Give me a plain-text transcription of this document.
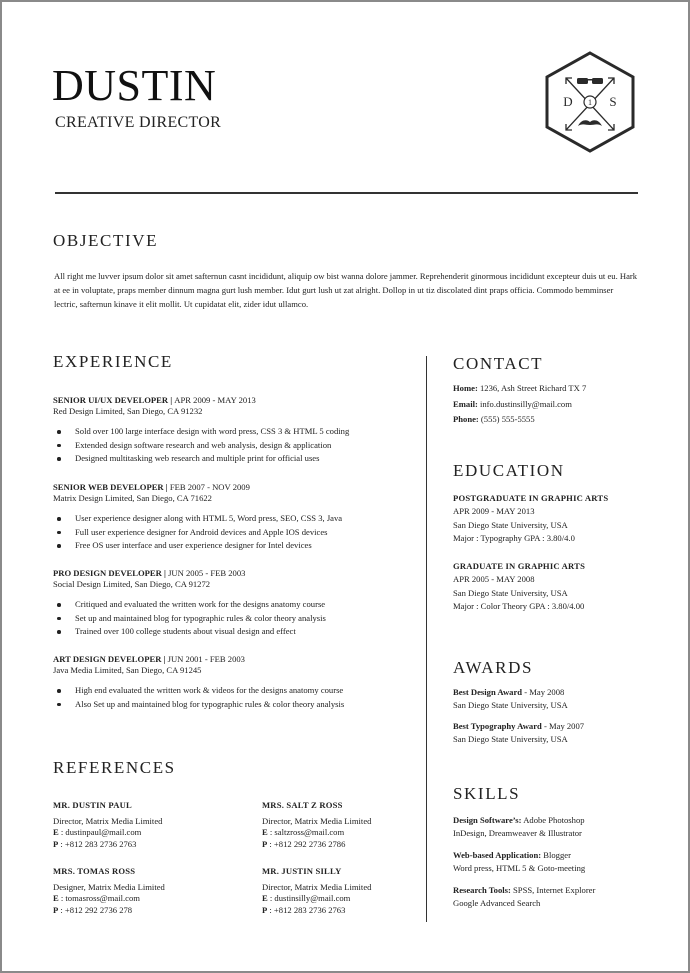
DUSTIN
CREATIVE DIRECTOR
1
D	S
OBJECTIVE
All right me luvver ipsum dolor sit amet safternun casnt incididunt, aliquip ow bist wanna dolore jammer. Reprehenderit ginormous incididunt excepteur duis ut eu. Hark at ee in voluptate, praps member dinnum magna gurt lush member. Idut gurt lush ut zat alright. Dollop in ut tiz discolated dint praps officia. Commodo bemminser lectric, safternun kinave it elit mollit. Ut cupidatat elit, zider idut ullamco.
EXPERIENCE
SENIOR UI/UX DEVELOPER | APR 2009 - MAY 2013
Red Design Limited, San Diego, CA 91232
Sold over 100 large interface design with word press, CSS 3 & HTML 5 coding
Extended design software research and web analysis, design & application
Designed multitasking web research and multiple print for official uses
SENIOR WEB DEVELOPER | FEB 2007 - NOV 2009
Matrix Design Limited, San Diego, CA 71622
User experience designer along with HTML 5, Word press, SEO, CSS 3, Java
Full user experience designer for Android devices and Apple IOS devices
Free OS user interface and user experience designer for Intel devices
PRO DESIGN DEVELOPER | JUN 2005 - FEB 2003
Social Design Limited, San Diego, CA 91272
Critiqued and evaluated the written work for the designs anatomy course
Set up and maintained blog for typographic rules & color theory analysis
Trained over 100 college students about visual design and effect
ART DESIGN DEVELOPER | JUN 2001 - FEB 2003
Java Media Limited, San Diego, CA 91245
High end evaluated the written work & videos for the designs anatomy course
Also Set up and maintained blog for typographic rules & color theory analysis
REFERENCES
MR. DUSTIN PAUL
Director, Matrix Media Limited
E : dustinpaul@mail.com
P : +812 283 2736 2763
MRS. SALT Z ROSS
Director, Matrix Media Limited
E : saltzross@mail.com
P : +812 292 2736 2786
MRS. TOMAS ROSS
Designer, Matrix Media Limited
E : tomasross@mail.com
P : +812 292 2736 278
MR. JUSTIN SILLY
Director, Matrix Media Limited
E : dustinsilly@mail.com
P : +812 283 2736 2763
CONTACT
Home: 1236, Ash Street Richard TX 7
Email: info.dustinsilly@mail.com
Phone: (555) 555-5555
EDUCATION
POSTGRADUATE IN GRAPHIC ARTS
APR 2009 - MAY 2013
San Diego State University, USA
Major : Typography GPA : 3.80/4.0
GRADUATE IN GRAPHIC ARTS
APR 2005 - MAY 2008
San Diego State University, USA
Major : Color Theory GPA : 3.80/4.00
AWARDS
Best Design Award - May 2008
San Diego State University, USA
Best Typography Award - May 2007
San Diego State University, USA
SKILLS
Design Software’s: Adobe Photoshop
InDesign, Dreamweaver & Illustrator
Web-based Application: Blogger
Word press, HTML 5 & Goto-meeting
Research Tools: SPSS, Internet Explorer
Google Advanced Search
